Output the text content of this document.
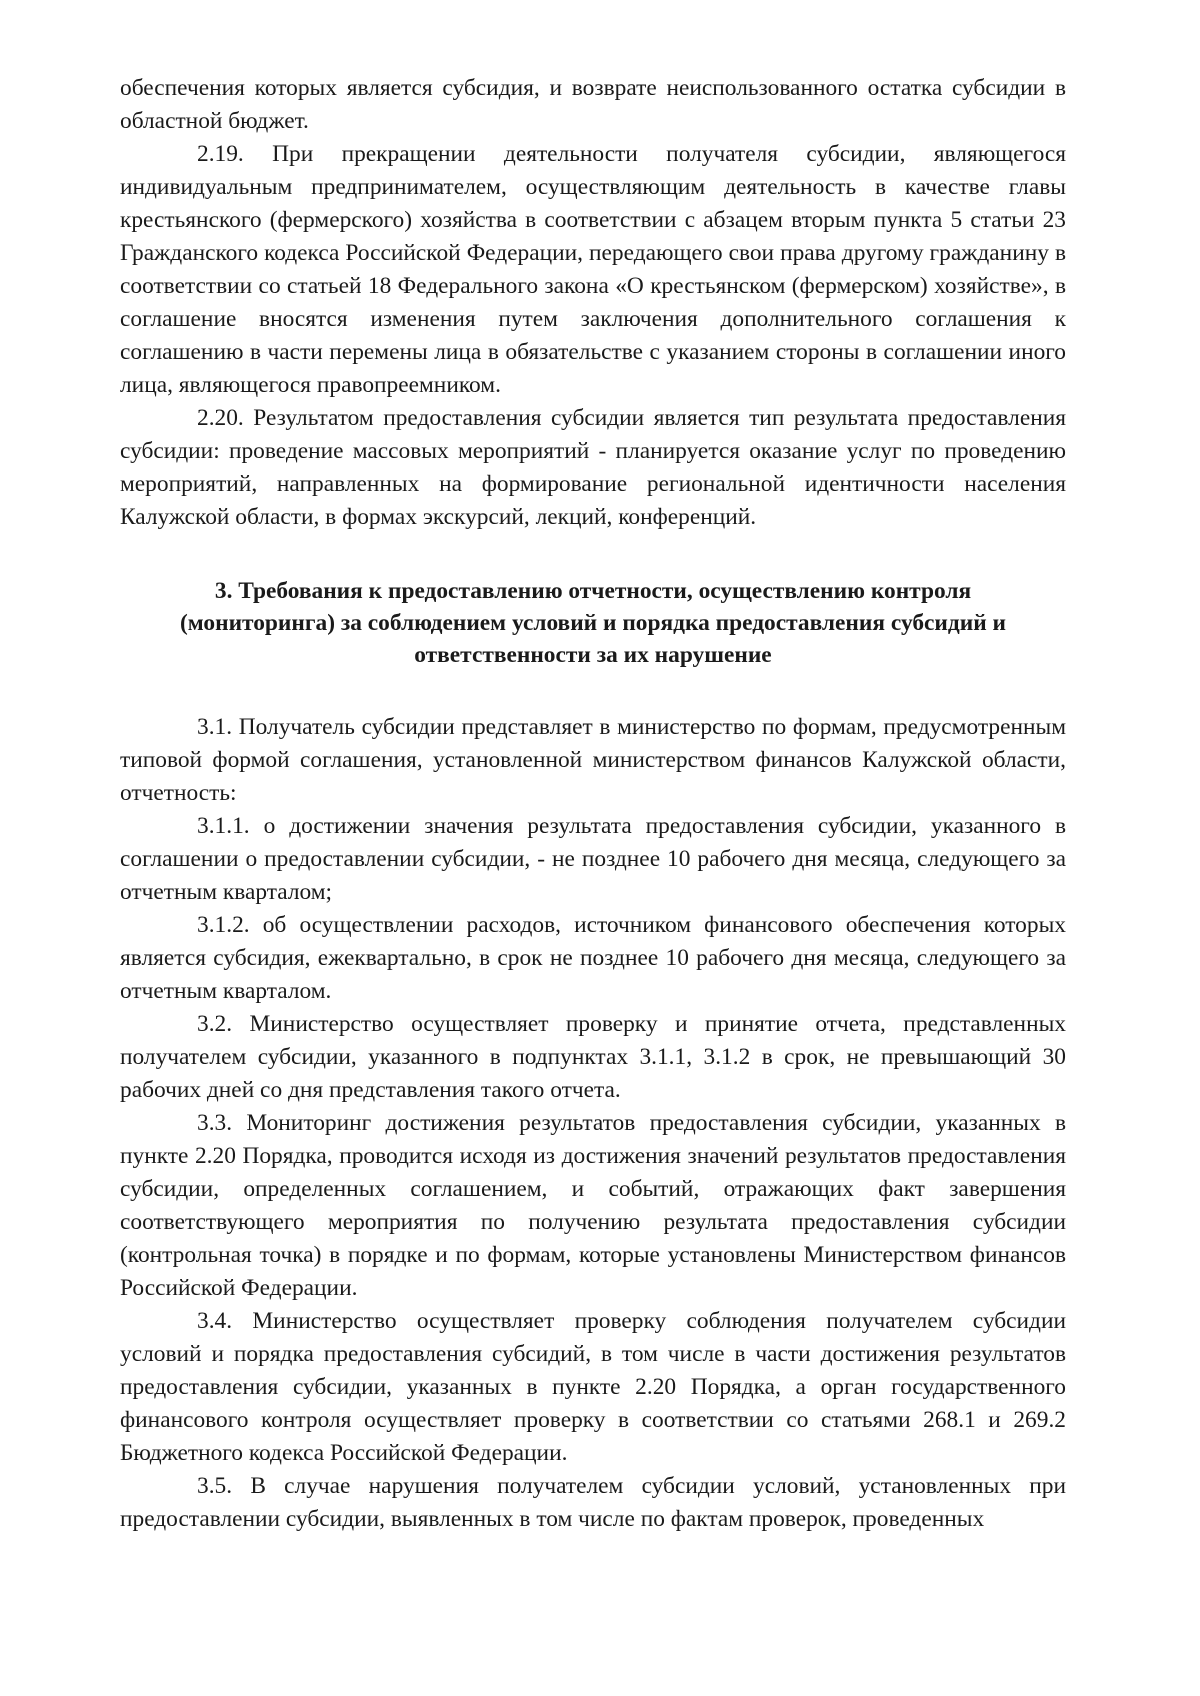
обеспечения которых является субсидия, и возврате неиспользованного остатка субсидии в областной бюджет.

2.19. При прекращении деятельности получателя субсидии, являющегося индивидуальным предпринимателем, осуществляющим деятельность в качестве главы крестьянского (фермерского) хозяйства в соответствии с абзацем вторым пункта 5 статьи 23 Гражданского кодекса Российской Федерации, передающего свои права другому гражданину в соответствии со статьей 18 Федерального закона «О крестьянском (фермерском) хозяйстве», в соглашение вносятся изменения путем заключения дополнительного соглашения к соглашению в части перемены лица в обязательстве с указанием стороны в соглашении иного лица, являющегося правопреемником.

2.20. Результатом предоставления субсидии является тип результата предоставления субсидии: проведение массовых мероприятий - планируется оказание услуг по проведению мероприятий, направленных на формирование региональной идентичности населения Калужской области, в формах экскурсий, лекций, конференций.

3. Требования к предоставлению отчетности, осуществлению контроля
(мониторинга) за соблюдением условий и порядка предоставления субсидий и
ответственности за их нарушение

3.1. Получатель субсидии представляет в министерство по формам, предусмотренным типовой формой соглашения, установленной министерством финансов Калужской области, отчетность:

3.1.1. о достижении значения результата предоставления субсидии, указанного в соглашении о предоставлении субсидии, - не позднее 10 рабочего дня месяца, следующего за отчетным кварталом;

3.1.2. об осуществлении расходов, источником финансового обеспечения которых является субсидия, ежеквартально, в срок не позднее 10 рабочего дня месяца, следующего за отчетным кварталом.

3.2. Министерство осуществляет проверку и принятие отчета, представленных получателем субсидии, указанного в подпунктах 3.1.1, 3.1.2 в срок, не превышающий 30 рабочих дней со дня представления такого отчета.

3.3. Мониторинг достижения результатов предоставления субсидии, указанных в пункте 2.20 Порядка, проводится исходя из достижения значений результатов предоставления субсидии, определенных соглашением, и событий, отражающих факт завершения соответствующего мероприятия по получению результата предоставления субсидии (контрольная точка) в порядке и по формам, которые установлены Министерством финансов Российской Федерации.

3.4. Министерство осуществляет проверку соблюдения получателем субсидии условий и порядка предоставления субсидий, в том числе в части достижения результатов предоставления субсидии, указанных в пункте 2.20 Порядка, а орган государственного финансового контроля осуществляет проверку в соответствии со статьями 268.1 и 269.2 Бюджетного кодекса Российской Федерации.

3.5. В случае нарушения получателем субсидии условий, установленных при предоставлении субсидии, выявленных в том числе по фактам проверок, проведенных
